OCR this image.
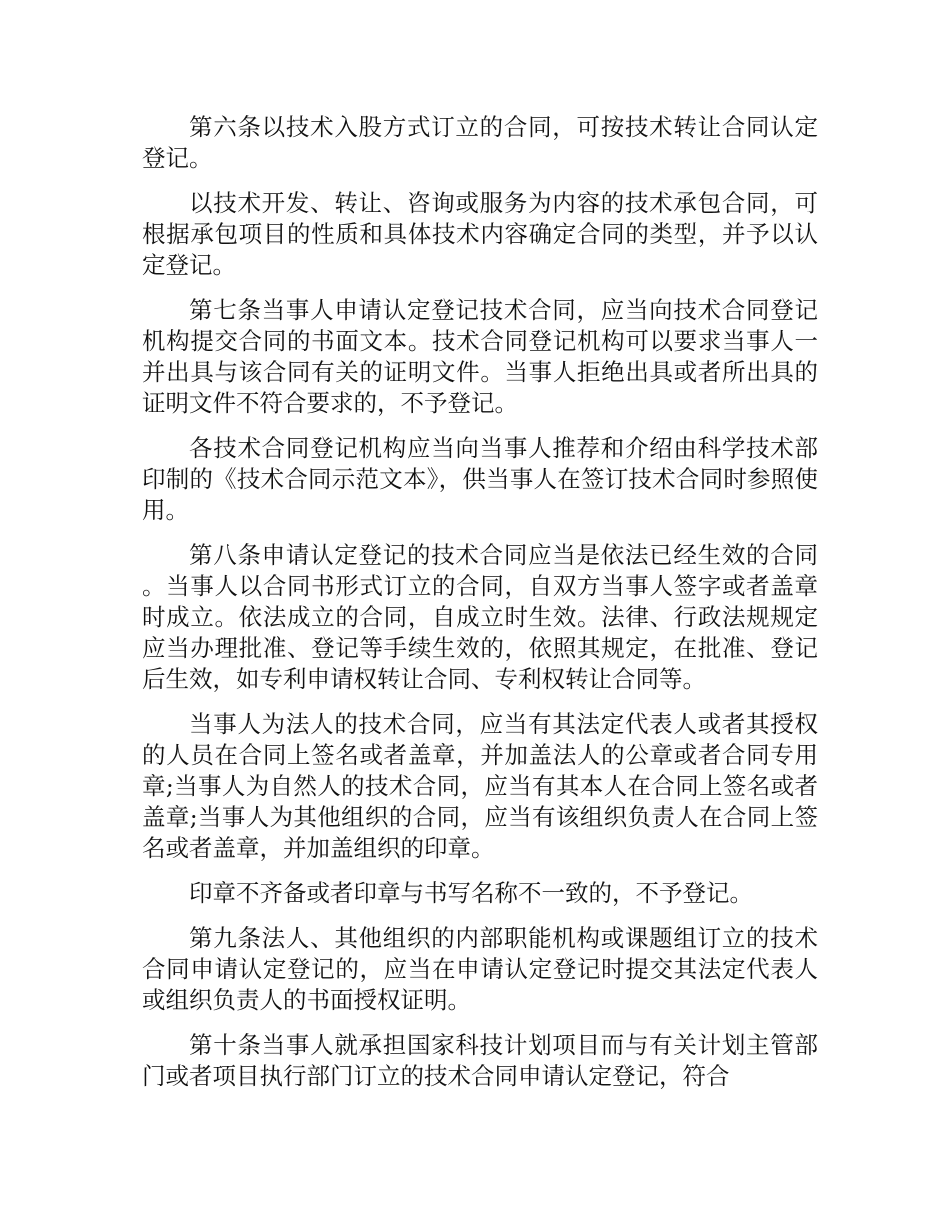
第六条以技术入股方式订立的合同，可按技术转让合同认定登记。

以技术开发、转让、咨询或服务为内容的技术承包合同，可根据承包项目的性质和具体技术内容确定合同的类型，并予以认定登记。

第七条当事人申请认定登记技术合同，应当向技术合同登记机构提交合同的书面文本。技术合同登记机构可以要求当事人一并出具与该合同有关的证明文件。当事人拒绝出具或者所出具的证明文件不符合要求的，不予登记。

各技术合同登记机构应当向当事人推荐和介绍由科学技术部印制的《技术合同示范文本》，供当事人在签订技术合同时参照使用。

第八条申请认定登记的技术合同应当是依法已经生效的合同。当事人以合同书形式订立的合同，自双方当事人签字或者盖章时成立。依法成立的合同，自成立时生效。法律、行政法规规定应当办理批准、登记等手续生效的，依照其规定，在批准、登记后生效，如专利申请权转让合同、专利权转让合同等。

当事人为法人的技术合同，应当有其法定代表人或者其授权的人员在合同上签名或者盖章，并加盖法人的公章或者合同专用章;当事人为自然人的技术合同，应当有其本人在合同上签名或者盖章;当事人为其他组织的合同，应当有该组织负责人在合同上签名或者盖章，并加盖组织的印章。

印章不齐备或者印章与书写名称不一致的，不予登记。

第九条法人、其他组织的内部职能机构或课题组订立的技术合同申请认定登记的，应当在申请认定登记时提交其法定代表人或组织负责人的书面授权证明。

第十条当事人就承担国家科技计划项目而与有关计划主管部门或者项目执行部门订立的技术合同申请认定登记，符合
